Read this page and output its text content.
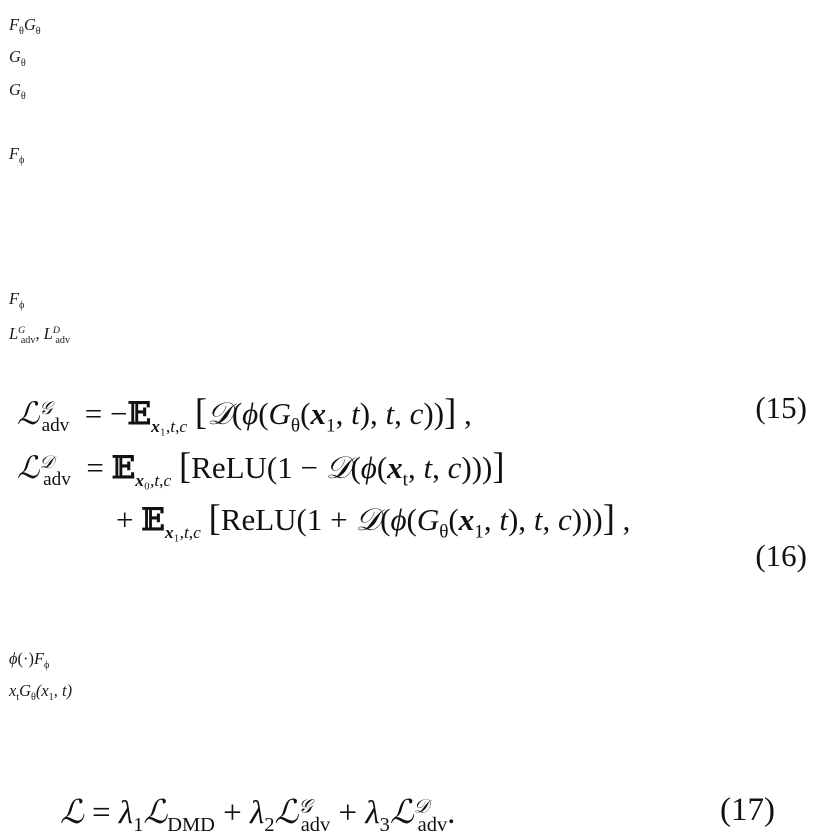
$F_\theta G_\theta$
$G_\theta$
$G_\theta$
$F_\phi$
$F_\phi$
$L^G_{adv}$, $L^D_{adv}$
ℒ$^𝒢_{adv}$  = −𝔼$_{x_1,t,c}$ [$𝒟(\phi(G_\theta(x_1$, t), t, c))] ,	(15)
ℒ$^𝒟_{adv}$  = 𝔼$_{x_0,t,c}$ [ReLU(1 − $𝒟(\phi(x_t$, t, c)))]
+ 𝔼$_{x_1,t,c}$ [ReLU(1 + $𝒟(\phi(G_\theta(x_1$, t), t, c)))] ,
(16)
$\phi(\cdot)F_\phi$
$x_tG_\theta(x_1$, t)
ℒ = $\lambda_1ℒ_{DMD}$ + $\lambda_2ℒ^𝒢_{adv}$ + $\lambda_3ℒ^𝒟_{adv}$.	(17)
